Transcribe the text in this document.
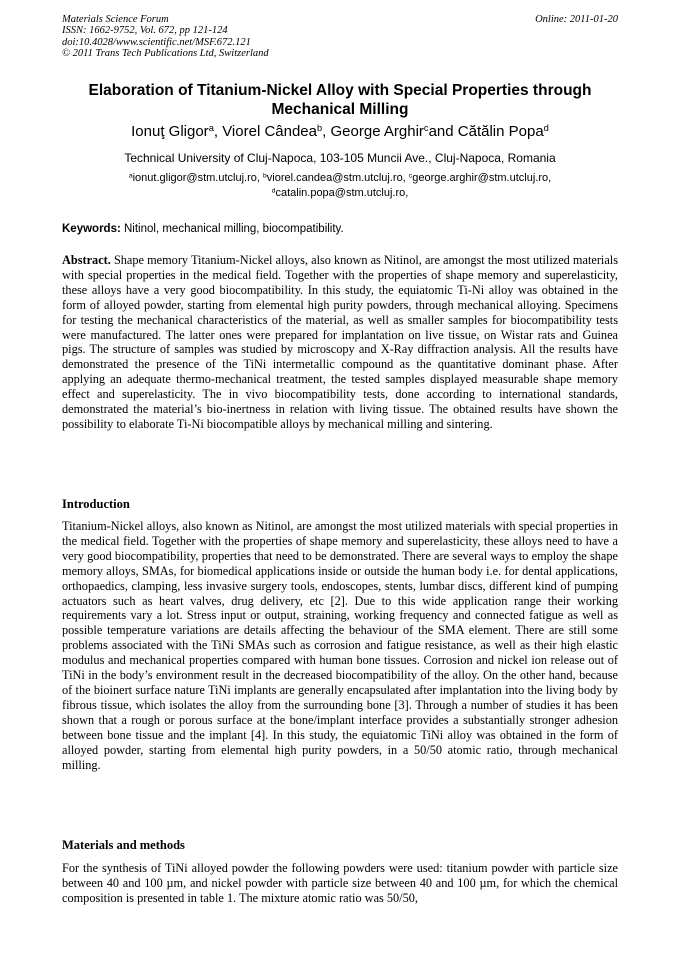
Materials Science Forum
ISSN: 1662-9752, Vol. 672, pp 121-124
doi:10.4028/www.scientific.net/MSF.672.121
© 2011 Trans Tech Publications Ltd, Switzerland
Online: 2011-01-20
Elaboration of Titanium-Nickel Alloy with Special Properties through Mechanical Milling
Ionuţ Gligor$^a$, Viorel Cândea$^b$, George Arghir$^c$and Cătălin Popa$^d$
Technical University of Cluj-Napoca, 103-105 Muncii Ave., Cluj-Napoca, Romania
$^a$ionut.gligor@stm.utcluj.ro, $^b$viorel.candea@stm.utcluj.ro, $^c$george.arghir@stm.utcluj.ro,
$^d$catalin.popa@stm.utcluj.ro,
Keywords: Nitinol, mechanical milling, biocompatibility.
Abstract. Shape memory Titanium-Nickel alloys, also known as Nitinol, are amongst the most utilized materials with special properties in the medical field. Together with the properties of shape memory and superelasticity, these alloys have a very good biocompatibility. In this study, the equiatomic Ti-Ni alloy was obtained in the form of alloyed powder, starting from elemental high purity powders, through mechanical alloying. Specimens for testing the mechanical characteristics of the material, as well as smaller samples for biocompatibility tests were manufactured. The latter ones were prepared for implantation on live tissue, on Wistar rats and Guinea pigs. The structure of samples was studied by microscopy and X-Ray diffraction analysis. All the results have demonstrated the presence of the TiNi intermetallic compound as the quantitative dominant phase. After applying an adequate thermo-mechanical treatment, the tested samples displayed measurable shape memory effect and superelasticity. The in vivo biocompatibility tests, done according to international standards, demonstrated the material’s bio-inertness in relation with living tissue. The obtained results have shown the possibility to elaborate Ti-Ni biocompatible alloys by mechanical milling and sintering.
Introduction
Titanium-Nickel alloys, also known as Nitinol, are amongst the most utilized materials with special properties in the medical field. Together with the properties of shape memory and superelasticity, these alloys need to have a very good biocompatibility, properties that need to be demonstrated. There are several ways to employ the shape memory alloys, SMAs, for biomedical applications inside or outside the human body i.e. for dental applications, orthopaedics, clamping, less invasive surgery tools, endoscopes, stents, lumbar discs, different kind of pumping actuators such as heart valves, drug delivery, etc [2]. Due to this wide application range their working requirements vary a lot. Stress input or output, straining, working frequency and connected fatigue as well as possible temperature variations are details affecting the behaviour of the SMA element. There are still some problems associated with the TiNi SMAs such as corrosion and fatigue resistance, as well as their high elastic modulus and mechanical properties compared with human bone tissues. Corrosion and nickel ion release out of TiNi in the body’s environment result in the decreased biocompatibility of the alloy. On the other hand, because of the bioinert surface nature TiNi implants are generally encapsulated after implantation into the living body by fibrous tissue, which isolates the alloy from the surrounding bone [3]. Through a number of studies it has been shown that a rough or porous surface at the bone/implant interface provides a substantially stronger adhesion between bone tissue and the implant [4]. In this study, the equiatomic TiNi alloy was obtained in the form of alloyed powder, starting from elemental high purity powders, in a 50/50 atomic ratio, through mechanical milling.
Materials and methods
For the synthesis of TiNi alloyed powder the following powders were used: titanium powder with particle size between 40 and 100 µm, and nickel powder with particle size between 40 and 100 µm, for which the chemical composition is presented in table 1. The mixture atomic ratio was 50/50,
